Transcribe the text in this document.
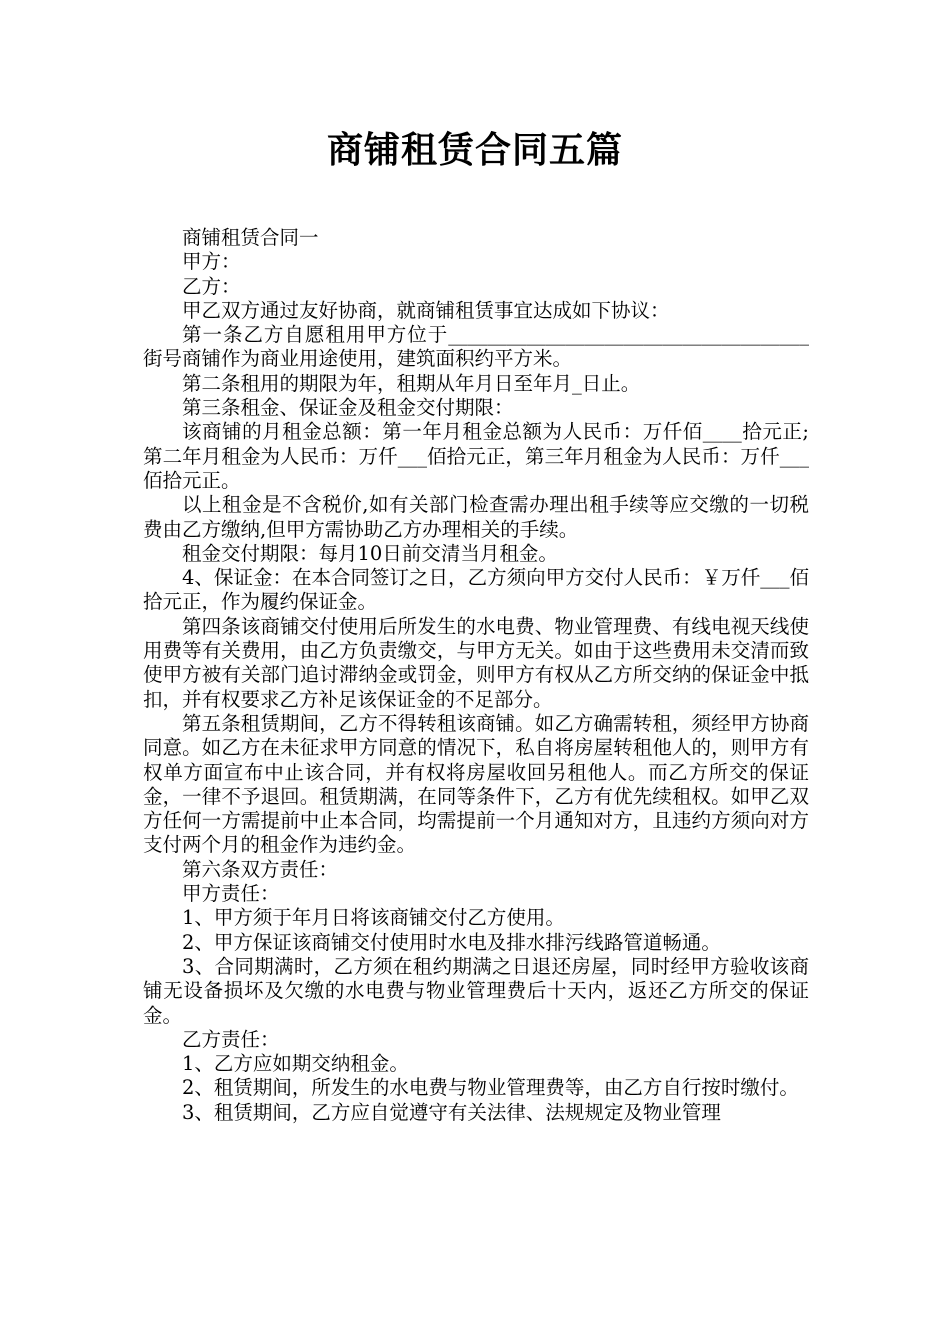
商铺租赁合同五篇

商铺租赁合同一

甲方：

乙方：

甲乙双方通过友好协商，就商铺租赁事宜达成如下协议：

第一条乙方自愿租用甲方位于_____________________________________街号商铺作为商业用途使用，建筑面积约平方米。

第二条租用的期限为年，租期从年月日至年月_日止。

第三条租金、保证金及租金交付期限：

该商铺的月租金总额：第一年月租金总额为人民币：万仟佰____拾元正;第二年月租金为人民币：万仟___佰拾元正，第三年月租金为人民币：万仟___佰拾元正。

以上租金是不含税价,如有关部门检查需办理出租手续等应交缴的一切税费由乙方缴纳,但甲方需协助乙方办理相关的手续。

租金交付期限：每月10日前交清当月租金。

4、保证金：在本合同签订之日，乙方须向甲方交付人民币：￥万仟___佰拾元正，作为履约保证金。

第四条该商铺交付使用后所发生的水电费、物业管理费、有线电视天线使用费等有关费用，由乙方负责缴交，与甲方无关。如由于这些费用未交清而致使甲方被有关部门追讨滞纳金或罚金，则甲方有权从乙方所交纳的保证金中抵扣，并有权要求乙方补足该保证金的不足部分。

第五条租赁期间，乙方不得转租该商铺。如乙方确需转租，须经甲方协商同意。如乙方在未征求甲方同意的情况下，私自将房屋转租他人的，则甲方有权单方面宣布中止该合同，并有权将房屋收回另租他人。而乙方所交的保证金，一律不予退回。租赁期满，在同等条件下，乙方有优先续租权。如甲乙双方任何一方需提前中止本合同，均需提前一个月通知对方，且违约方须向对方支付两个月的租金作为违约金。

第六条双方责任：

甲方责任：

1、甲方须于年月日将该商铺交付乙方使用。

2、甲方保证该商铺交付使用时水电及排水排污线路管道畅通。

3、合同期满时，乙方须在租约期满之日退还房屋，同时经甲方验收该商铺无设备损坏及欠缴的水电费与物业管理费后十天内，返还乙方所交的保证金。

乙方责任：

1、乙方应如期交纳租金。

2、租赁期间，所发生的水电费与物业管理费等，由乙方自行按时缴付。

3、租赁期间，乙方应自觉遵守有关法律、法规规定及物业管理
